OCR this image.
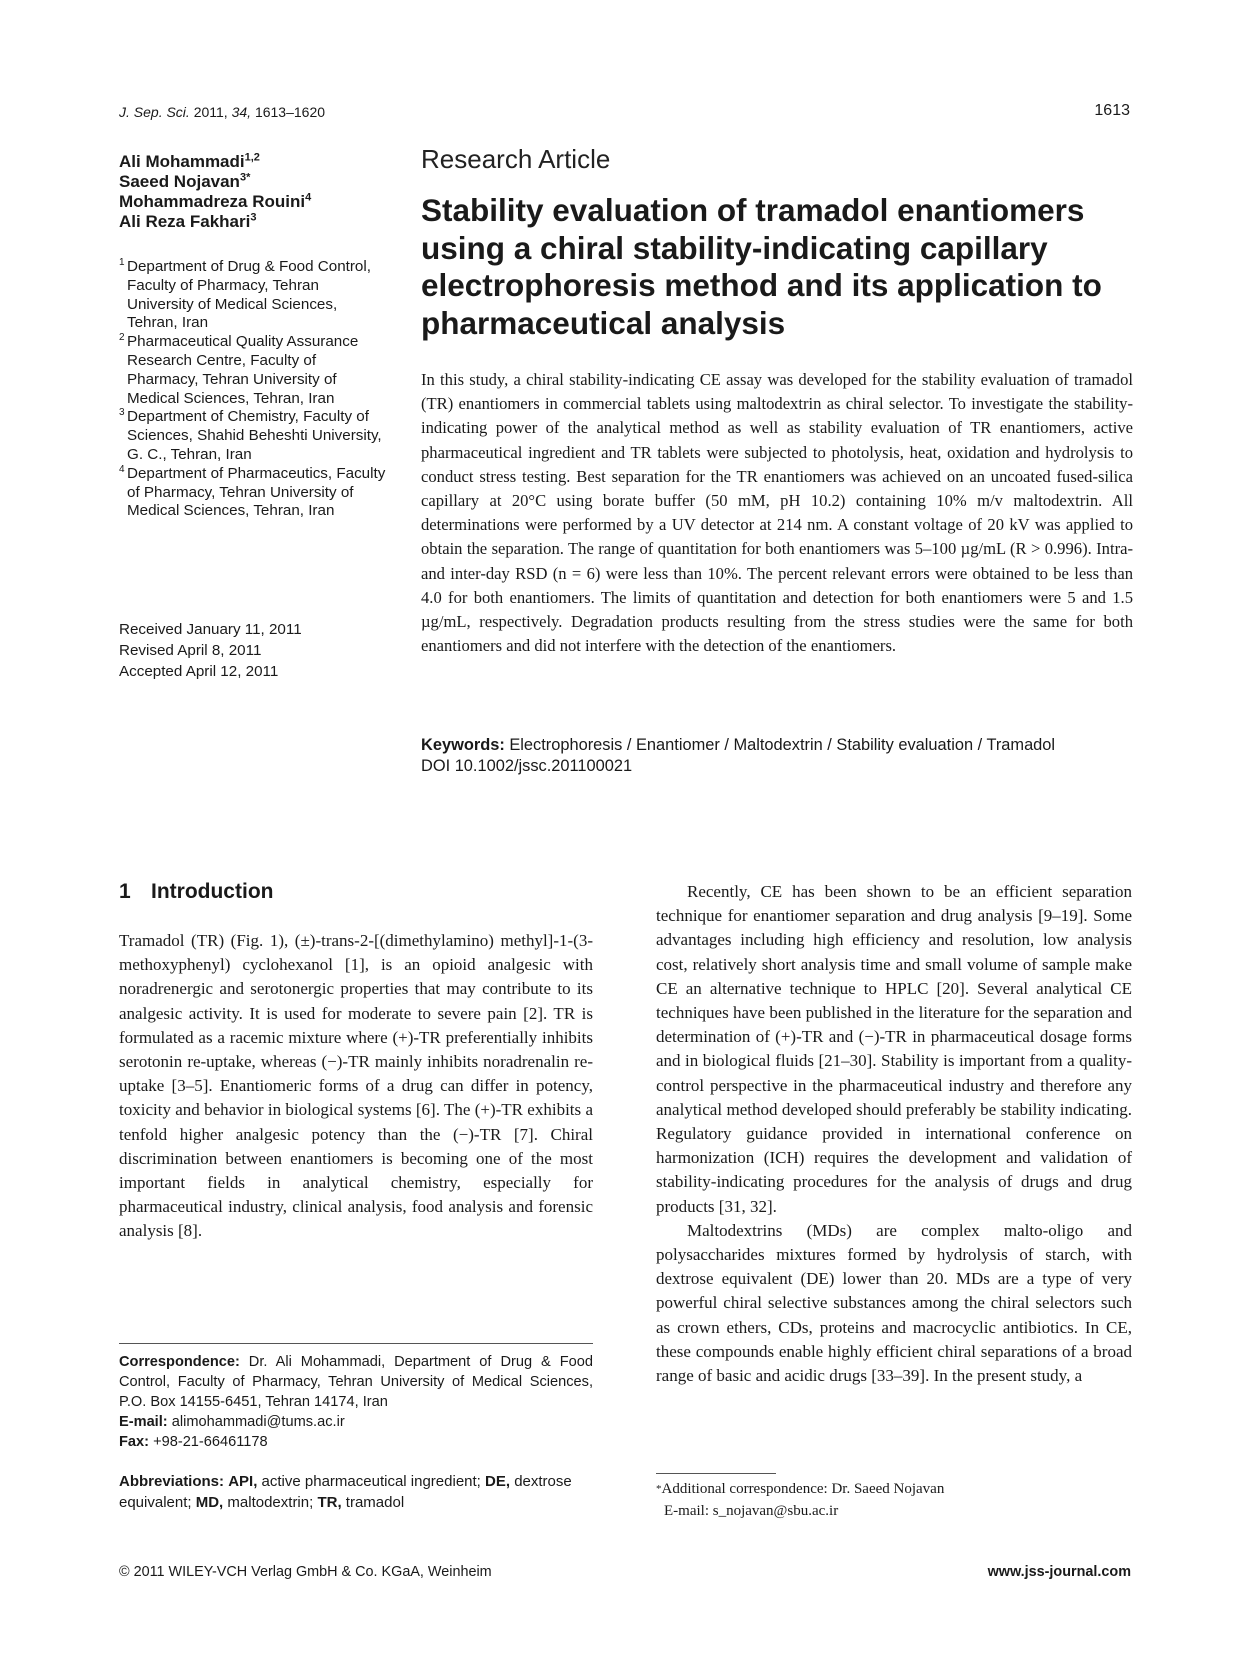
J. Sep. Sci. 2011, 34, 1613–1620	1613
Ali Mohammadi$^{1,2}$
Saeed Nojavan$^{3*}$
Mohammadreza Rouini$^4$
Ali Reza Fakhari$^3$
1 Department of Drug & Food Control, Faculty of Pharmacy, Tehran University of Medical Sciences, Tehran, Iran
2 Pharmaceutical Quality Assurance Research Centre, Faculty of Pharmacy, Tehran University of Medical Sciences, Tehran, Iran
3 Department of Chemistry, Faculty of Sciences, Shahid Beheshti University, G. C., Tehran, Iran
4 Department of Pharmaceutics, Faculty of Pharmacy, Tehran University of Medical Sciences, Tehran, Iran
Received January 11, 2011
Revised April 8, 2011
Accepted April 12, 2011
Research Article
Stability evaluation of tramadol enantiomers using a chiral stability-indicating capillary electrophoresis method and its application to pharmaceutical analysis
In this study, a chiral stability-indicating CE assay was developed for the stability evaluation of tramadol (TR) enantiomers in commercial tablets using maltodextrin as chiral selector. To investigate the stability-indicating power of the analytical method as well as stability evaluation of TR enantiomers, active pharmaceutical ingredient and TR tablets were subjected to photolysis, heat, oxidation and hydrolysis to conduct stress testing. Best separation for the TR enantiomers was achieved on an uncoated fused-silica capillary at 20°C using borate buffer (50 mM, pH 10.2) containing 10% m/v maltodextrin. All determinations were performed by a UV detector at 214 nm. A constant voltage of 20 kV was applied to obtain the separation. The range of quantitation for both enantiomers was 5–100 µg/mL (R > 0.996). Intra- and inter-day RSD (n = 6) were less than 10%. The percent relevant errors were obtained to be less than 4.0 for both enantiomers. The limits of quantitation and detection for both enantiomers were 5 and 1.5 µg/mL, respectively. Degradation products resulting from the stress studies were the same for both enantiomers and did not interfere with the detection of the enantiomers.
Keywords: Electrophoresis / Enantiomer / Maltodextrin / Stability evaluation / Tramadol
DOI 10.1002/jssc.201100021
1 Introduction

Tramadol (TR) (Fig. 1), (±)-trans-2-[(dimethylamino) methyl]-1-(3-methoxyphenyl) cyclohexanol [1], is an opioid analgesic with noradrenergic and serotonergic properties that may contribute to its analgesic activity. It is used for moderate to severe pain [2]. TR is formulated as a racemic mixture where (+)-TR preferentially inhibits serotonin re-uptake, whereas (−)-TR mainly inhibits noradrenalin re-uptake [3–5]. Enantiomeric forms of a drug can differ in potency, toxicity and behavior in biological systems [6]. The (+)-TR exhibits a tenfold higher analgesic potency than the (−)-TR [7]. Chiral discrimination between enantiomers is becoming one of the most important fields in analytical chemistry, especially for pharmaceutical industry, clinical analysis, food analysis and forensic analysis [8].

Recently, CE has been shown to be an efficient separation technique for enantiomer separation and drug analysis [9–19]. Some advantages including high efficiency and resolution, low analysis cost, relatively short analysis time and small volume of sample make CE an alternative technique to HPLC [20]. Several analytical CE techniques have been published in the literature for the separation and determination of (+)-TR and (−)-TR in pharmaceutical dosage forms and in biological fluids [21–30]. Stability is important from a quality-control perspective in the pharmaceutical industry and therefore any analytical method developed should preferably be stability indicating. Regulatory guidance provided in international conference on harmonization (ICH) requires the development and validation of stability-indicating procedures for the analysis of drugs and drug products [31, 32].

Maltodextrins (MDs) are complex malto-oligo and polysaccharides mixtures formed by hydrolysis of starch, with dextrose equivalent (DE) lower than 20. MDs are a type of very powerful chiral selective substances among the chiral selectors such as crown ethers, CDs, proteins and macrocyclic antibiotics. In CE, these compounds enable highly efficient chiral separations of a broad range of basic and acidic drugs [33–39]. In the present study, a

Correspondence: Dr. Ali Mohammadi, Department of Drug & Food Control, Faculty of Pharmacy, Tehran University of Medical Sciences, P.O. Box 14155-6451, Tehran 14174, Iran
E-mail: alimohammadi@tums.ac.ir
Fax: +98-21-66461178
Abbreviations: API, active pharmaceutical ingredient; DE, dextrose equivalent; MD, maltodextrin; TR, tramadol
*Additional correspondence: Dr. Saeed Nojavan
E-mail: s_nojavan@sbu.ac.ir
© 2011 WILEY-VCH Verlag GmbH & Co. KGaA, Weinheim	www.jss-journal.com
